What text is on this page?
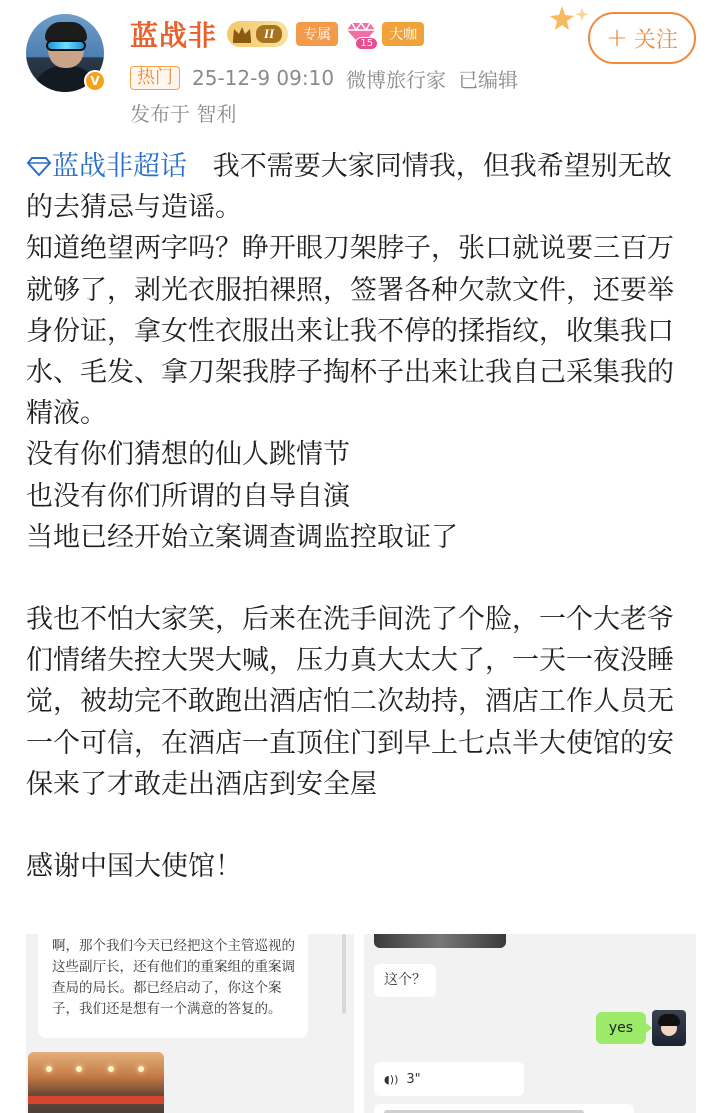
V
蓝战非	II	专属
15
大咖	+ 关注
热门 25-12-9 09:10 微博旅行家 已编辑
发布于 智利

蓝战非超话 我不需要大家同情我，但我希望别无故的去猜忌与造谣。

知道绝望两字吗？睁开眼刀架脖子，张口就说要三百万就够了，剥光衣服拍裸照，签署各种欠款文件，还要举身份证，拿女性衣服出来让我不停的揉指纹，收集我口水、毛发、拿刀架我脖子掏杯子出来让我自己采集我的精液。

没有你们猜想的仙人跳情节

也没有你们所谓的自导自演

当地已经开始立案调查调监控取证了

我也不怕大家笑，后来在洗手间洗了个脸，一个大老爷们情绪失控大哭大喊，压力真大太大了，一天一夜没睡觉，被劫完不敢跑出酒店怕二次劫持，酒店工作人员无一个可信，在酒店一直顶住门到早上七点半大使馆的安保来了才敢走出酒店到安全屋

感谢中国大使馆！

啊，那个我们今天已经把这个主管巡视的这些副厅长，还有他们的重案组的重案调查局的局长。都已经启动了，你这个案子，我们还是想有一个满意的答复的。
这个？
yes
◖)) 3"
